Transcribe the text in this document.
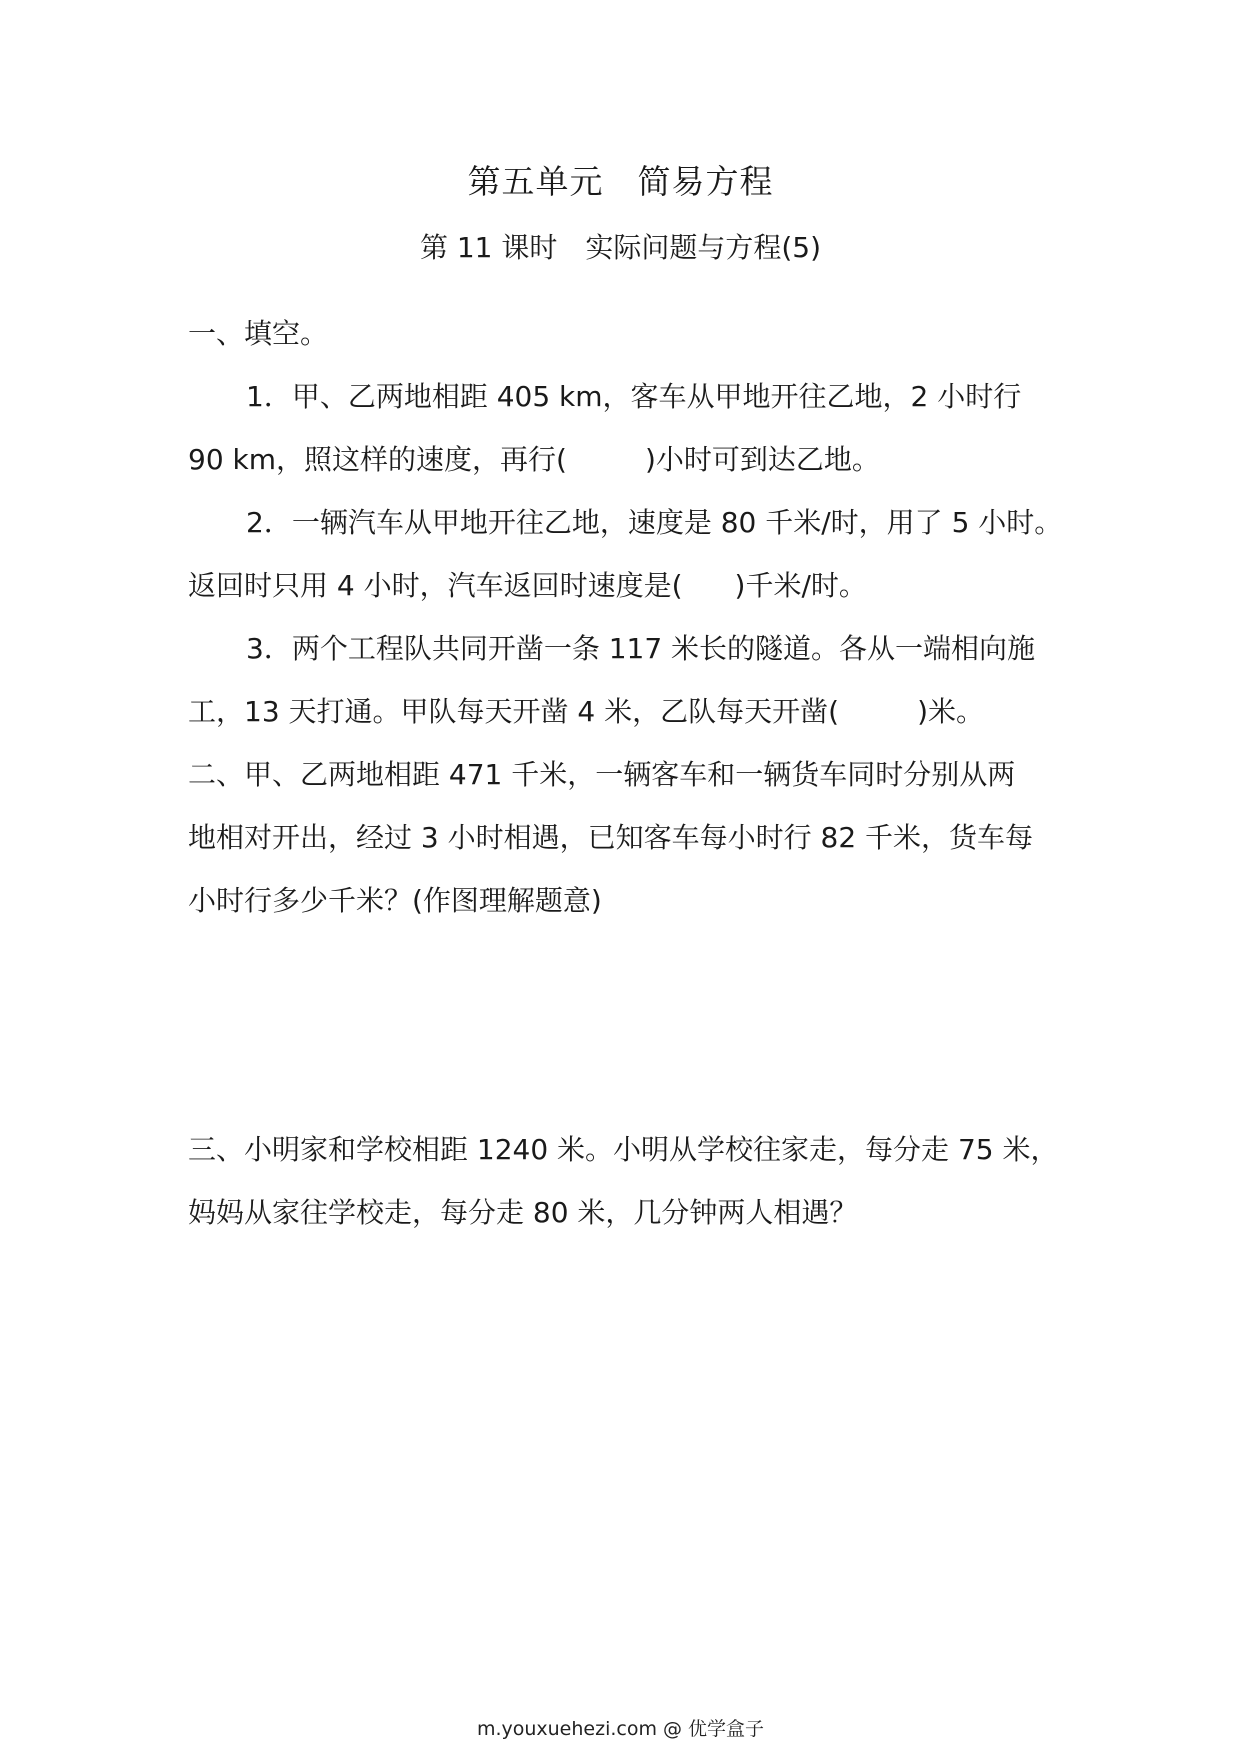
第五单元　简易方程
第 11 课时　实际问题与方程(5)
一、填空。
1．甲、乙两地相距 405 km，客车从甲地开往乙地，2 小时行
90 km，照这样的速度，再行(	)小时可到达乙地。
2．一辆汽车从甲地开往乙地，速度是 80 千米/时，用了 5 小时。
返回时只用 4 小时，汽车返回时速度是( )千米/时。
3．两个工程队共同开凿一条 117 米长的隧道。各从一端相向施
工，13 天打通。甲队每天开凿 4 米，乙队每天开凿(	)米。
二、甲、乙两地相距 471 千米，一辆客车和一辆货车同时分别从两
地相对开出，经过 3 小时相遇，已知客车每小时行 82 千米，货车每
小时行多少千米？(作图理解题意)
三、小明家和学校相距 1240 米。小明从学校往家走，每分走 75 米，
妈妈从家往学校走，每分走 80 米，几分钟两人相遇？
m.youxuehezi.com @ 优学盒子
